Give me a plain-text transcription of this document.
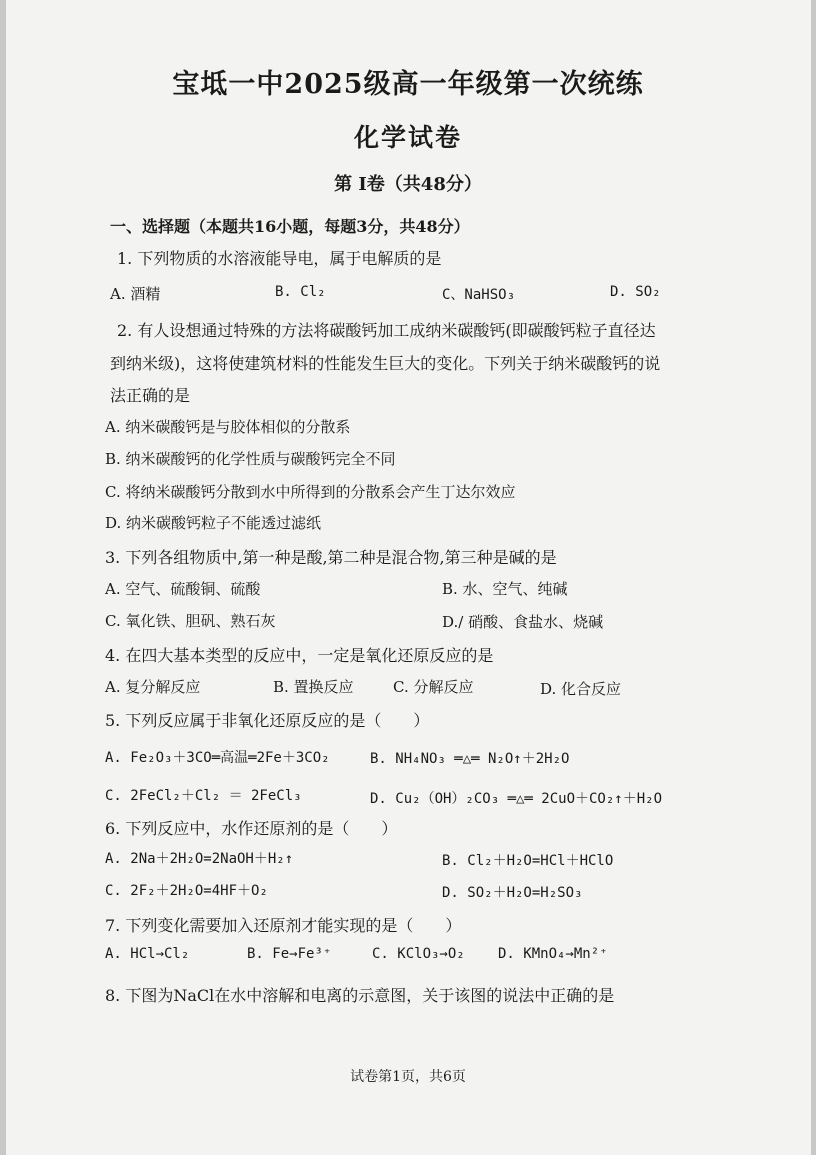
宝坻一中2025级高一年级第一次统练
化学试卷
第 Ⅰ卷（共48分）
一、选择题（本题共16小题，每题3分，共48分）
1. 下列物质的水溶液能导电，属于电解质的是
A. 酒精	B. Cl₂	C、NaHSO₃	D. SO₂
2. 有人设想通过特殊的方法将碳酸钙加工成纳米碳酸钙(即碳酸钙粒子直径达
到纳米级)，这将使建筑材料的性能发生巨大的变化。下列关于纳米碳酸钙的说
法正确的是
A. 纳米碳酸钙是与胶体相似的分散系
B. 纳米碳酸钙的化学性质与碳酸钙完全不同
C. 将纳米碳酸钙分散到水中所得到的分散系会产生丁达尔效应
D. 纳米碳酸钙粒子不能透过滤纸
3. 下列各组物质中,第一种是酸,第二种是混合物,第三种是碱的是
A. 空气、硫酸铜、硫酸	B. 水、空气、纯碱
C. 氧化铁、胆矾、熟石灰	D./ 硝酸、食盐水、烧碱
4. 在四大基本类型的反应中，一定是氧化还原反应的是
A. 复分解反应	B. 置换反应	C. 分解反应	D. 化合反应
5. 下列反应属于非氧化还原反应的是（　　）
A. Fe₂O₃＋3CO═高温═2Fe＋3CO₂	B. NH₄NO₃ ═△═ N₂O↑＋2H₂O
C. 2FeCl₂＋Cl₂ ＝ 2FeCl₃	D. Cu₂（OH）₂CO₃ ═△═ 2CuO＋CO₂↑＋H₂O
6. 下列反应中，水作还原剂的是（　　）
A. 2Na＋2H₂O=2NaOH＋H₂↑	B. Cl₂＋H₂O=HCl＋HClO
C. 2F₂＋2H₂O=4HF＋O₂	D. SO₂＋H₂O=H₂SO₃
7. 下列变化需要加入还原剂才能实现的是（　　）
A. HCl→Cl₂	B. Fe→Fe³⁺	C. KClO₃→O₂ D. KMnO₄→Mn²⁺
8. 下图为NaCl在水中溶解和电离的示意图，关于该图的说法中正确的是
试卷第1页，共6页
